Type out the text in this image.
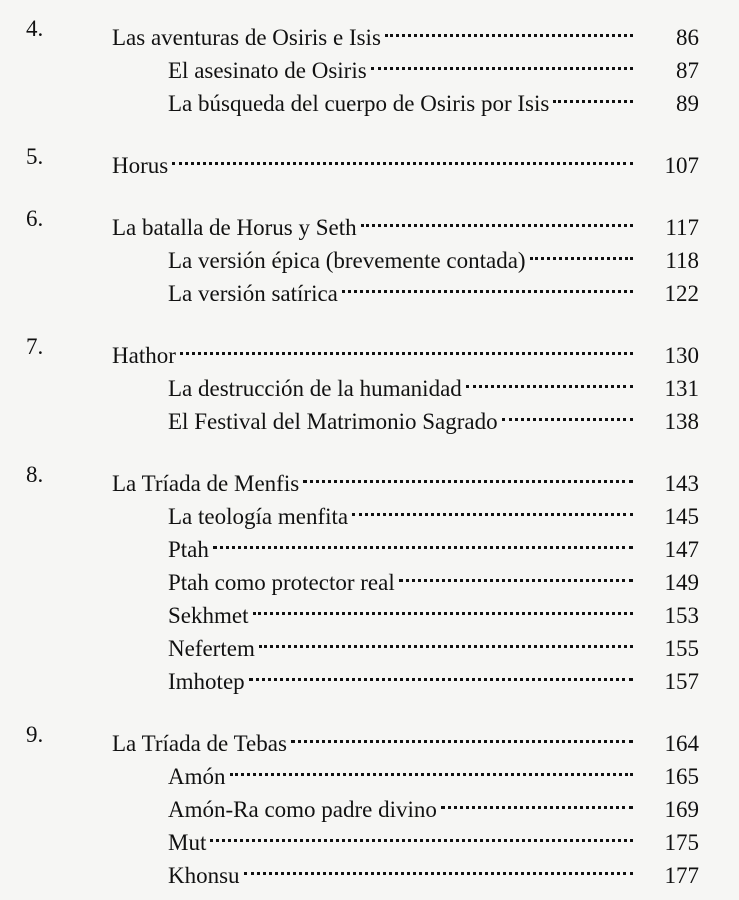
4.	Las aventuras de Osiris e Isis	86
El asesinato de Osiris	87
La búsqueda del cuerpo de Osiris por Isis	89
5.	Horus	107
6.	La batalla de Horus y Seth	117
La versión épica (brevemente contada)	118
La versión satírica	122
7.	Hathor	130
La destrucción de la humanidad	131
El Festival del Matrimonio Sagrado	138
8.	La Tríada de Menfis	143
La teología menfita	145
Ptah	147
Ptah como protector real	149
Sekhmet	153
Nefertem	155
Imhotep	157
9.	La Tríada de Tebas	164
Amón	165
Amón-Ra como padre divino	169
Mut	175
Khonsu	177
